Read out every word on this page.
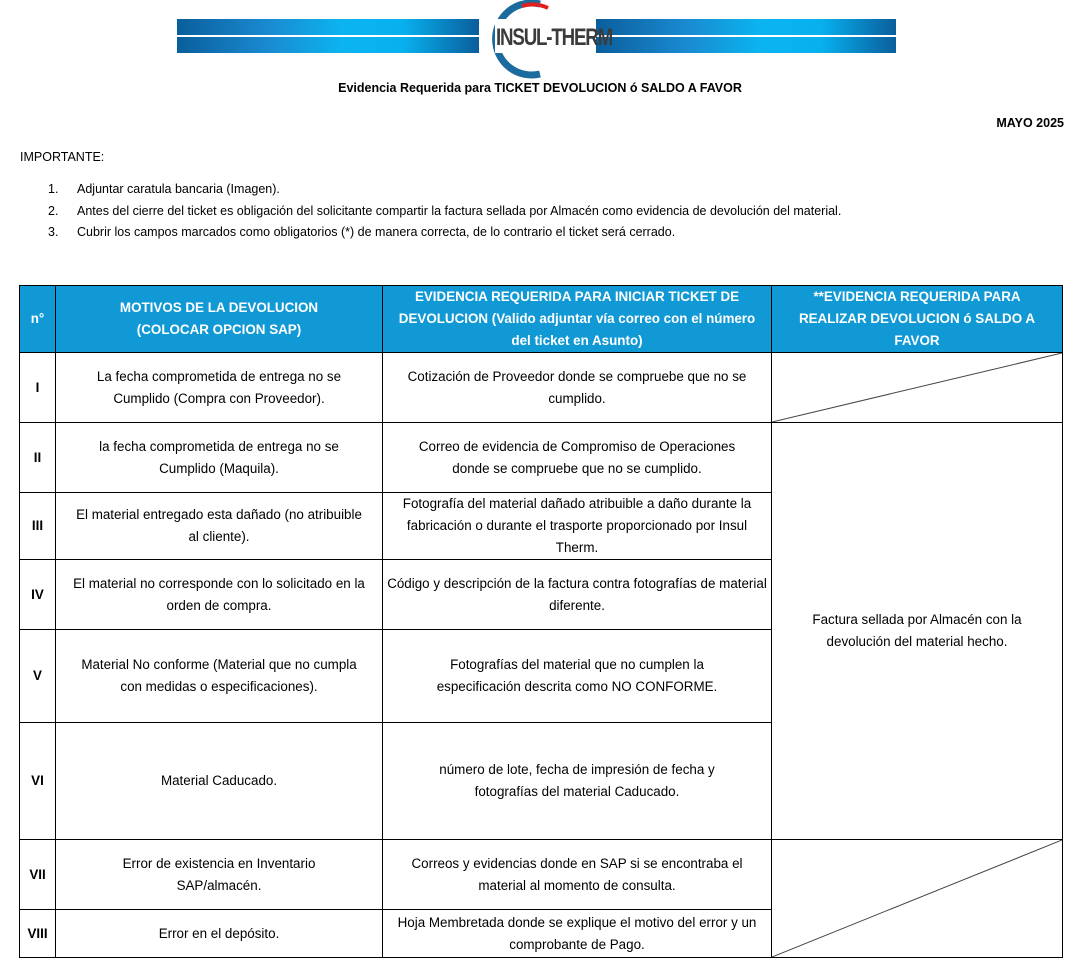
INSUL-THERM
Evidencia Requerida para TICKET DEVOLUCION ó SALDO A FAVOR
MAYO 2025
IMPORTANTE:
1.	Adjuntar caratula bancaria (Imagen).
2.	Antes del cierre del ticket es obligación del solicitante compartir la factura sellada por Almacén como evidencia de devolución del material.
3.	Cubrir los campos marcados como obligatorios (*) de manera correcta, de lo contrario el ticket será cerrado.
n°	MOTIVOS DE LA DEVOLUCION (COLOCAR OPCION SAP)	EVIDENCIA REQUERIDA PARA INICIAR TICKET DE DEVOLUCION (Valido adjuntar vía correo con el número del ticket en Asunto)	**EVIDENCIA REQUERIDA PARA REALIZAR DEVOLUCION ó SALDO A FAVOR
I	La fecha comprometida de entrega no se Cumplido (Compra con Proveedor).	Cotización de Proveedor donde se compruebe que no se cumplido.	

II	la fecha comprometida de entrega no se Cumplido (Maquila).	Correo de evidencia de Compromiso de Operaciones donde se compruebe que no se cumplido.	Factura sellada por Almacén con la devolución del material hecho.
III	El material entregado esta dañado (no atribuible al cliente).	Fotografía del material dañado atribuible a daño durante la fabricación o durante el trasporte proporcionado por Insul Therm.	
IV	El material no corresponde con lo solicitado en la orden de compra.	Código y descripción de la factura contra fotografías de material diferente.	
V	Material No conforme (Material que no cumpla con medidas o especificaciones).	Fotografías del material que no cumplen la especificación descrita como NO CONFORME.	
VI	Material Caducado.	número de lote, fecha de impresión de fecha y fotografías del material Caducado.	
VII	Error de existencia en Inventario SAP/almacén.	Correos y evidencias donde en SAP si se encontraba el material al momento de consulta.	

VIII	Error en el depósito.	Hoja Membretada donde se explique el motivo del error y un comprobante de Pago.	
